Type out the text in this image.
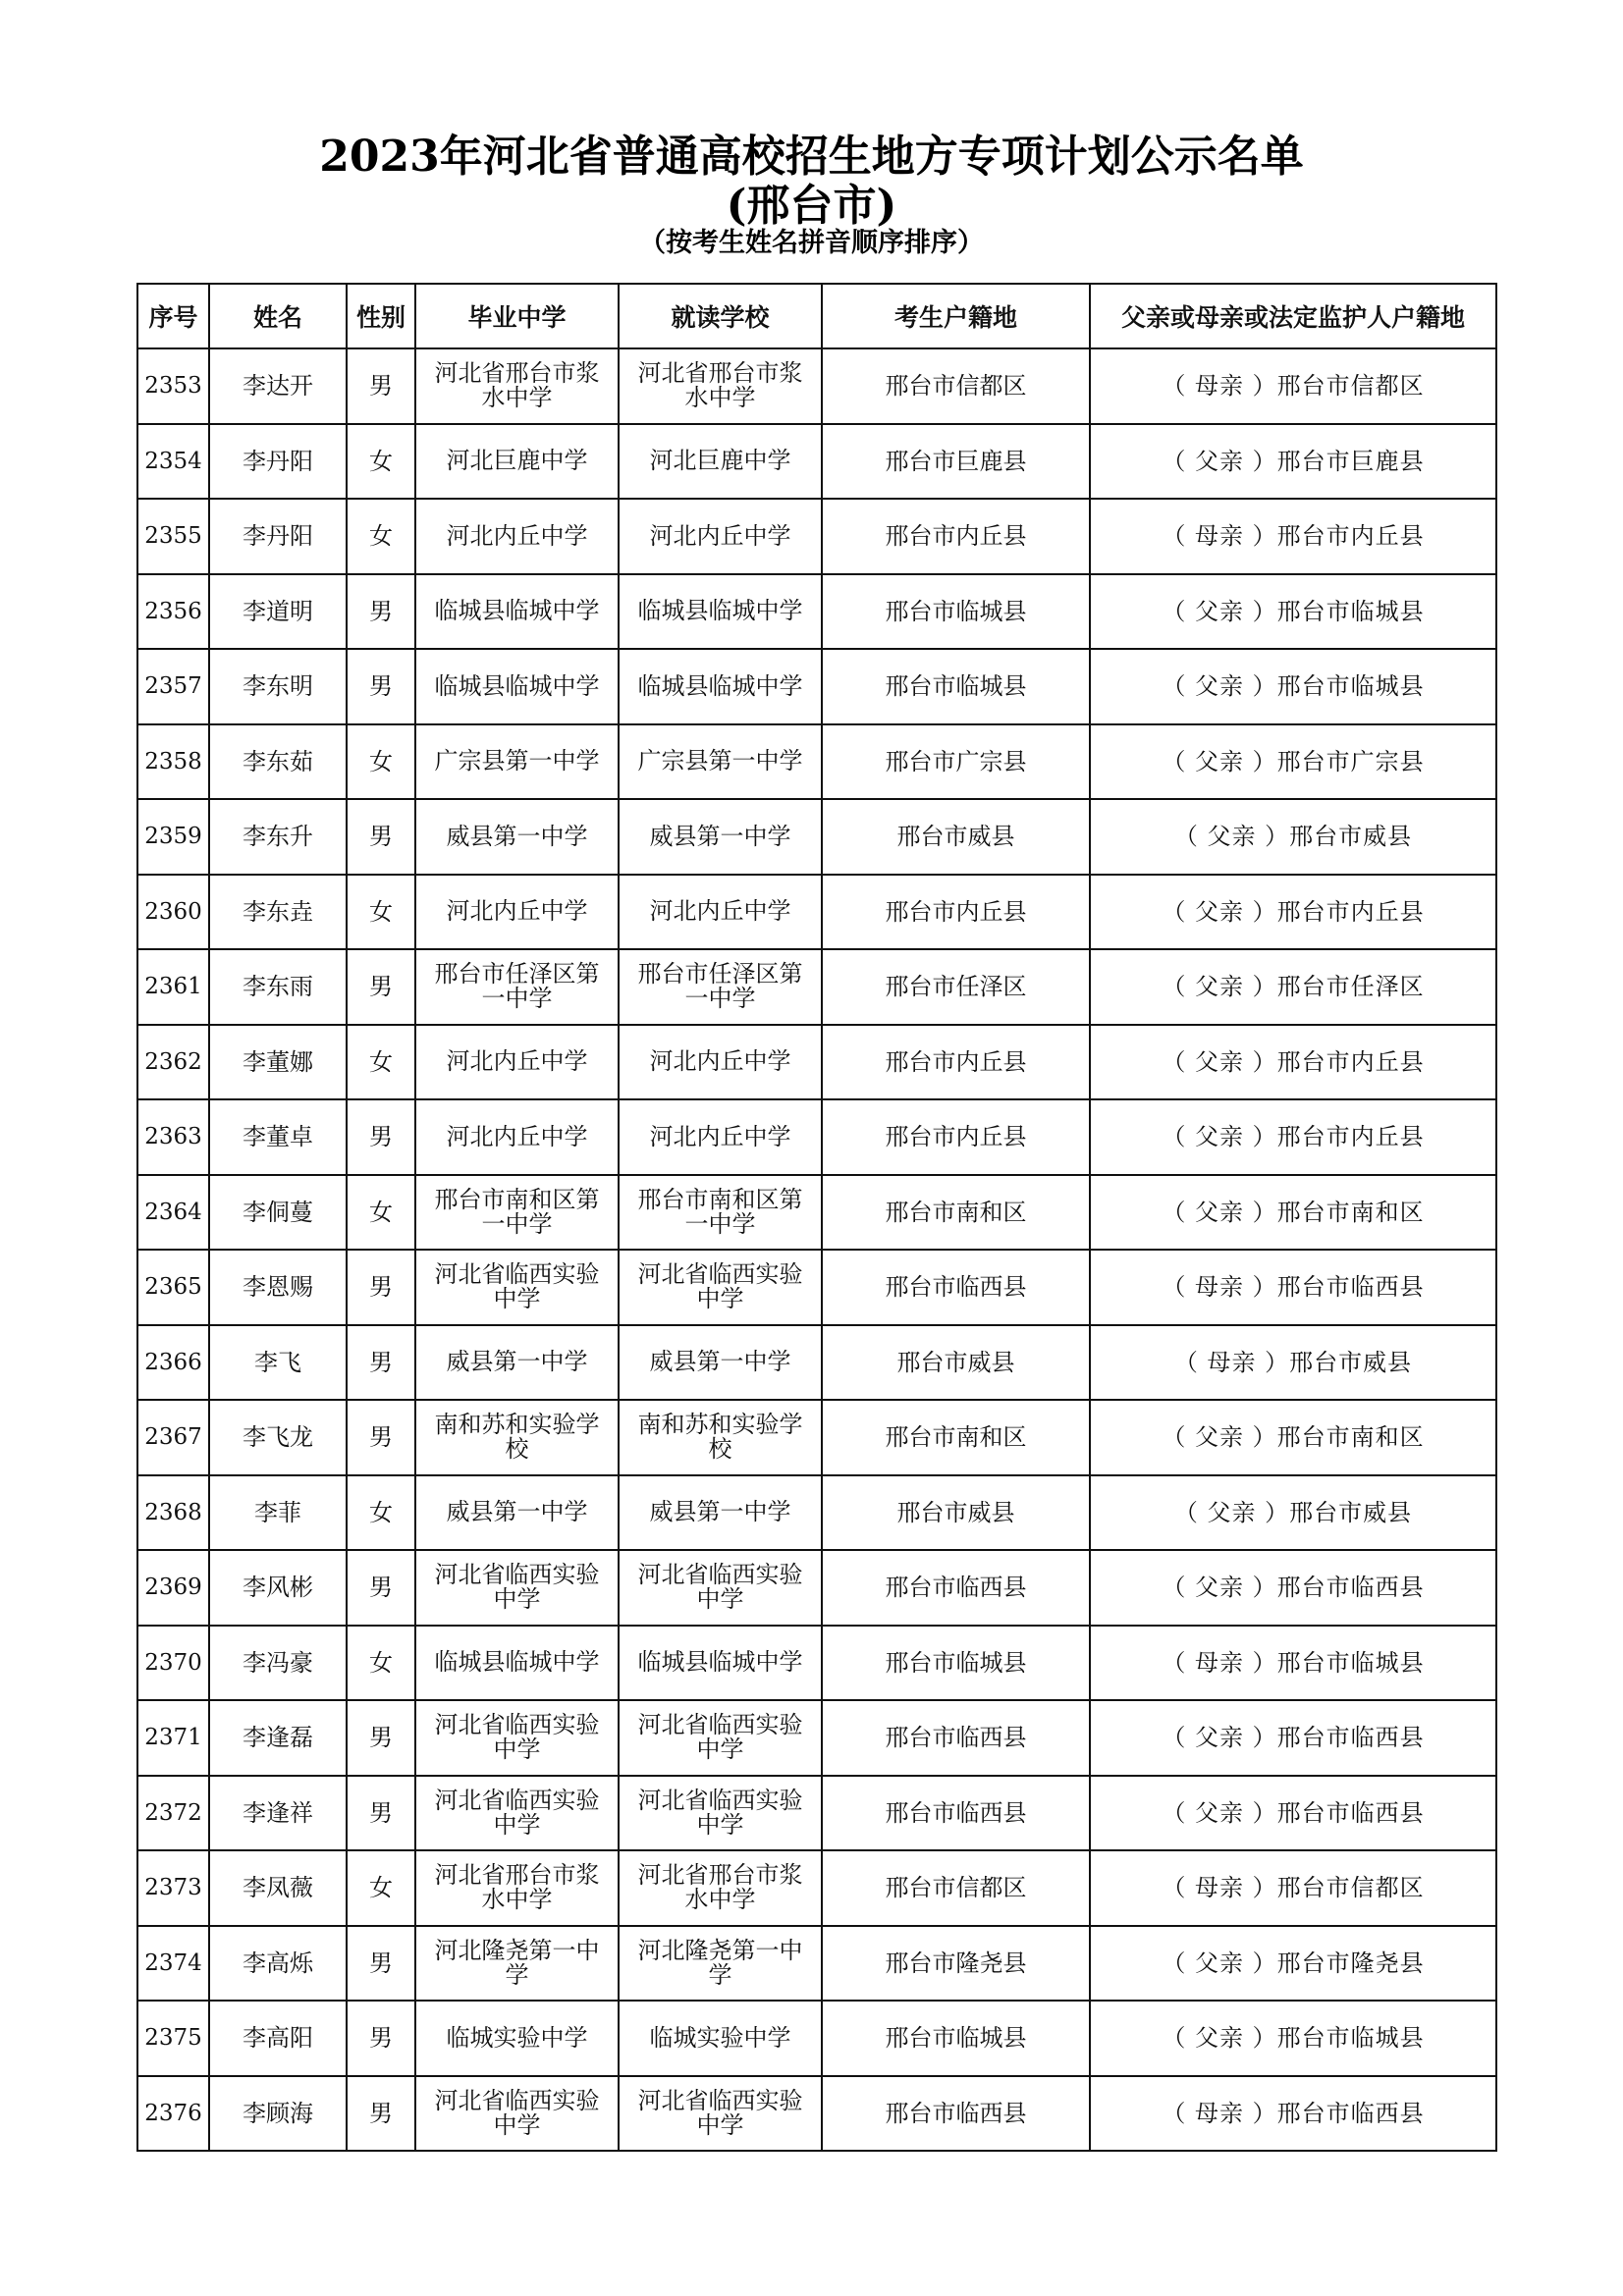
2023年河北省普通高校招生地方专项计划公示名单
(邢台市)
（按考生姓名拼音顺序排序）
序号	姓名	性别	毕业中学	就读学校	考生户籍地	父亲或母亲或法定监护人户籍地
2353	李达开	男	河北省邢台市浆水中学	河北省邢台市浆水中学	邢台市信都区	（ 母亲 ）邢台市信都区
2354	李丹阳	女	河北巨鹿中学	河北巨鹿中学	邢台市巨鹿县	（ 父亲 ）邢台市巨鹿县
2355	李丹阳	女	河北内丘中学	河北内丘中学	邢台市内丘县	（ 母亲 ）邢台市内丘县
2356	李道明	男	临城县临城中学	临城县临城中学	邢台市临城县	（ 父亲 ）邢台市临城县
2357	李东明	男	临城县临城中学	临城县临城中学	邢台市临城县	（ 父亲 ）邢台市临城县
2358	李东茹	女	广宗县第一中学	广宗县第一中学	邢台市广宗县	（ 父亲 ）邢台市广宗县
2359	李东升	男	威县第一中学	威县第一中学	邢台市威县	（ 父亲 ）邢台市威县
2360	李东垚	女	河北内丘中学	河北内丘中学	邢台市内丘县	（ 父亲 ）邢台市内丘县
2361	李东雨	男	邢台市任泽区第一中学	邢台市任泽区第一中学	邢台市任泽区	（ 父亲 ）邢台市任泽区
2362	李董娜	女	河北内丘中学	河北内丘中学	邢台市内丘县	（ 父亲 ）邢台市内丘县
2363	李董卓	男	河北内丘中学	河北内丘中学	邢台市内丘县	（ 父亲 ）邢台市内丘县
2364	李侗蔓	女	邢台市南和区第一中学	邢台市南和区第一中学	邢台市南和区	（ 父亲 ）邢台市南和区
2365	李恩赐	男	河北省临西实验中学	河北省临西实验中学	邢台市临西县	（ 母亲 ）邢台市临西县
2366	李飞	男	威县第一中学	威县第一中学	邢台市威县	（ 母亲 ）邢台市威县
2367	李飞龙	男	南和苏和实验学校	南和苏和实验学校	邢台市南和区	（ 父亲 ）邢台市南和区
2368	李菲	女	威县第一中学	威县第一中学	邢台市威县	（ 父亲 ）邢台市威县
2369	李风彬	男	河北省临西实验中学	河北省临西实验中学	邢台市临西县	（ 父亲 ）邢台市临西县
2370	李冯豪	女	临城县临城中学	临城县临城中学	邢台市临城县	（ 母亲 ）邢台市临城县
2371	李逢磊	男	河北省临西实验中学	河北省临西实验中学	邢台市临西县	（ 父亲 ）邢台市临西县
2372	李逢祥	男	河北省临西实验中学	河北省临西实验中学	邢台市临西县	（ 父亲 ）邢台市临西县
2373	李凤薇	女	河北省邢台市浆水中学	河北省邢台市浆水中学	邢台市信都区	（ 母亲 ）邢台市信都区
2374	李高烁	男	河北隆尧第一中学	河北隆尧第一中学	邢台市隆尧县	（ 父亲 ）邢台市隆尧县
2375	李高阳	男	临城实验中学	临城实验中学	邢台市临城县	（ 父亲 ）邢台市临城县
2376	李顾海	男	河北省临西实验中学	河北省临西实验中学	邢台市临西县	（ 母亲 ）邢台市临西县
